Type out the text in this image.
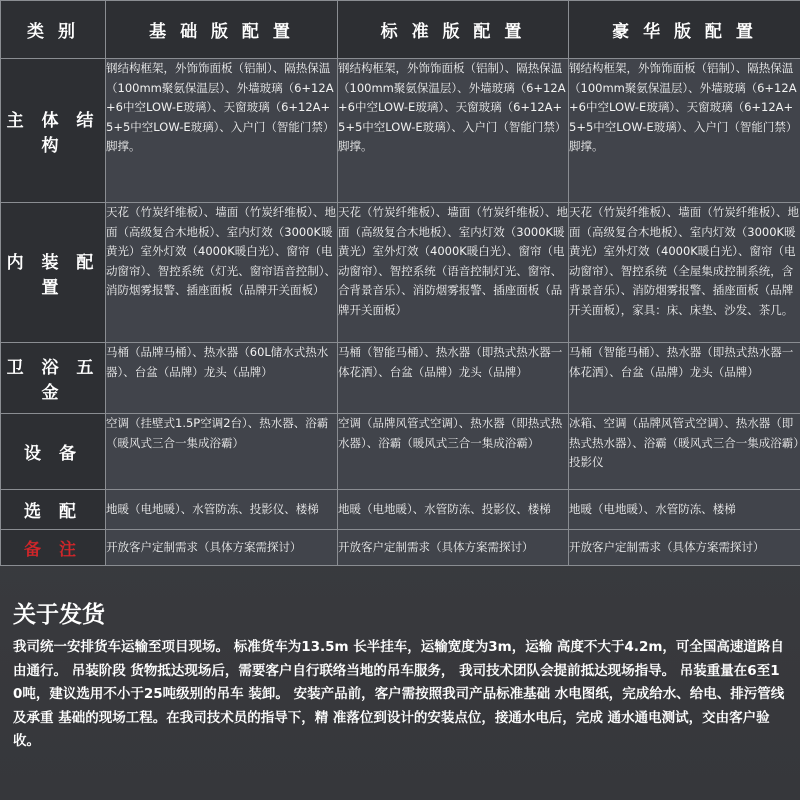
类 别	基 础 版 配 置	标 准 版 配 置	豪 华 版 配 置
主 体 结 构	钢结构框架，外饰饰面板（铝制）、隔热保温（100mm聚氨保温层）、外墙玻璃（6+12A+6中空LOW-E玻璃）、天窗玻璃（6+12A+5+5中空LOW-E玻璃）、入户门（智能门禁）脚撑。	钢结构框架，外饰饰面板（铝制）、隔热保温（100mm聚氨保温层）、外墙玻璃（6+12A+6中空LOW-E玻璃）、天窗玻璃（6+12A+5+5中空LOW-E玻璃）、入户门（智能门禁）脚撑。	钢结构框架，外饰饰面板（铝制）、隔热保温（100mm聚氨保温层）、外墙玻璃（6+12A+6中空LOW-E玻璃）、天窗玻璃（6+12A+5+5中空LOW-E玻璃）、入户门（智能门禁）脚撑。
内 装 配 置	天花（竹炭纤维板）、墙面（竹炭纤维板）、地面（高级复合木地板）、室内灯效（3000K暖黄光）室外灯效（4000K暖白光）、窗帘（电动窗帘）、智控系统（灯光、窗帘语音控制）、消防烟雾报警、插座面板（品牌开关面板）	天花（竹炭纤维板）、墙面（竹炭纤维板）、地面（高级复合木地板）、室内灯效（3000K暖黄光）室外灯效（4000K暖白光）、窗帘（电动窗帘）、智控系统（语音控制灯光、窗帘、合背景音乐）、消防烟雾报警、插座面板（品牌开关面板）	天花（竹炭纤维板）、墙面（竹炭纤维板）、地面（高级复合木地板）、室内灯效（3000K暖黄光）室外灯效（4000K暖白光）、窗帘（电动窗帘）、智控系统（全屋集成控制系统，含背景音乐）、消防烟雾报警、插座面板（品牌开关面板），家具：床、床垫、沙发、茶几。
卫 浴 五 金	马桶（品牌马桶）、热水器（60L储水式热水器）、台盆（品牌）龙头（品牌）	马桶（智能马桶）、热水器（即热式热水器一体花洒）、台盆（品牌）龙头（品牌）	马桶（智能马桶）、热水器（即热式热水器一体花洒）、台盆（品牌）龙头（品牌）
设 备	空调（挂壁式1.5P空调2台）、热水器、浴霸（暖风式三合一集成浴霸）	空调（品牌风管式空调）、热水器（即热式热水器）、浴霸（暖风式三合一集成浴霸）	冰箱、空调（品牌风管式空调）、热水器（即热式热水器）、浴霸（暖风式三合一集成浴霸）投影仪
选 配	地暖（电地暖）、水管防冻、投影仪、楼梯	地暖（电地暖）、水管防冻、投影仪、楼梯	地暖（电地暖）、水管防冻、楼梯
备 注	开放客户定制需求（具体方案需探讨）	开放客户定制需求（具体方案需探讨）	开放客户定制需求（具体方案需探讨）
关于发货

我司统一安排货车运输至项目现场。 标准货车为13.5m 长半挂车，运输宽度为3m，运输 高度不大于4.2m，可全国高速道路自由通行。 吊装阶段 货物抵达现场后，需要客户自行联络当地的吊车服务， 我司技术团队会提前抵达现场指导。 吊装重量在6至10吨，建议选用不小于25吨级别的吊车 装卸。 安装产品前，客户需按照我司产品标准基础 水电图纸，完成给水、给电、排污管线及承重 基础的现场工程。在我司技术员的指导下，精 准落位到设计的安装点位，接通水电后，完成 通水通电测试，交由客户验收。
